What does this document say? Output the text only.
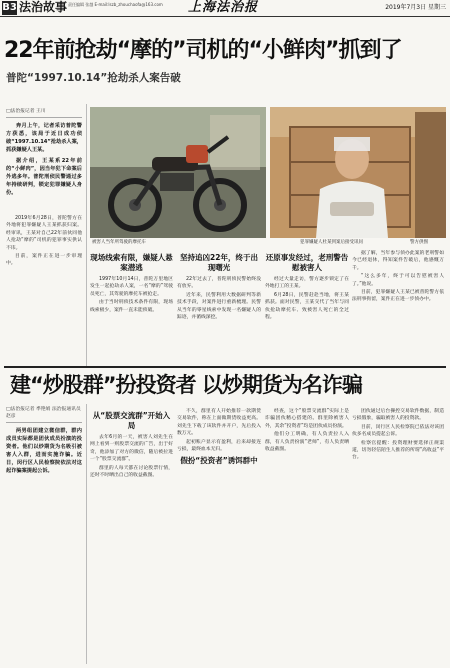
B3 法治故事 责任编辑 张越 E-mail:lszb_zhouchaofa@163.com 上海法治报	2019年7月3日 星期三
22年前抢劫“摩的”司机的“小鲜肉”抓到了
普陀“1997.10.14”抢劫杀人案告破
□法治报记者 王川

奔月上午，记者采访普陀警方获悉，该局于近日成功侦破“1997.10.14”抢劫杀人案，抓获嫌疑人王某。

据介绍，王某系22年前的“小鲜肉”，因当年犯下命案后外逃多年。普陀刑侦民警通过多年持续研判，锁定犯罪嫌疑人身份。

2019年6月28日，普陀警方在外地将犯罪嫌疑人王某抓获归案。经审讯，王某对自己22年前伙同他人抢劫“摩的”司机的犯罪事实供认不讳。

目前，案件正在进一步审理中。

被害人当年所驾驶的摩托车	犯罪嫌疑人杜某到案后接受讯问	警方供图
现场线索有限，嫌疑人悬案潜逃

1997年10月14日，普陀万里地区发生一起抢劫杀人案，一名“摩的”驾驶员死亡，其驾驶的摩托车被抢走。

由于当时刑侦技术条件有限，现场线索极少，案件一直未能侦破。

坚持追凶22年，终于出现曙光

22年过去了，普陀刑侦民警始终没有放弃。

近年来，民警利用大数据研判等新技术手段，对案件进行重新梳理。民警从当年的零星线索中发现一名嫌疑人的踪迹，并循线深挖。

还原事发经过，老刑警告慰被害人

经过大量走访，警方逐步锁定了在外地打工的王某。

6月28日，民警赶赴当地，将王某抓获。面对民警，王某交代了当年与同伙抢劫摩托车、致被害人死亡的全过程。

据了解，当年参与侦办此案的老刑警如今已经退休，得知案件告破后，他感慨万千。

“这么多年，终于可以告慰被害人了。”他说。

目前，犯罪嫌疑人王某已被普陀警方依法刑事拘留，案件正在进一步侦办中。

建“炒股群”扮投资者 以炒期货为名诈骗
□法治报记者 季艳娟 法治报通讯员 赵彦

两男组团建立微信群，群内成员实际都是团伙成员扮演的投资者。他们以炒期货为名吸引被害人入群，进而实施诈骗。近日，闵行区人民检察院依法对这起诈骗案提起公诉。

从“股票交流群”开始入局

去年6月的一天，被害人刘先生在网上看到一则股票交流的广告，出于好奇，他添加了对方的微信，随后被拉进一个“股票交流群”。

群里的人每天都在讨论股票行情，还时不时晒出自己的收益截图。

不久，群里有人开始推荐一款期货交易软件，称在上面做期货收益更高。刘先生下载了该软件并开户，先后投入数万元。

起初账户显示有盈利，后来却接连亏损，最终血本无归。

假扮“投资者”诱饵群中

经查，这个“股票交流群”实际上是诈骗团伙精心搭建的。群里除被害人外，其余“投资者”均是团伙成员扮演。

他们分工明确，有人负责拉人入群，有人负责扮演“老师”，有人负责晒收益截图。

团伙通过后台操控交易软件数据，制造亏损假象，骗取被害人的投资款。

目前，闵行区人民检察院已依法对该团伙多名成员提起公诉。

检察官提醒：投资理财要选择正规渠道，切勿轻信陌生人推荐的所谓“高收益”平台。
